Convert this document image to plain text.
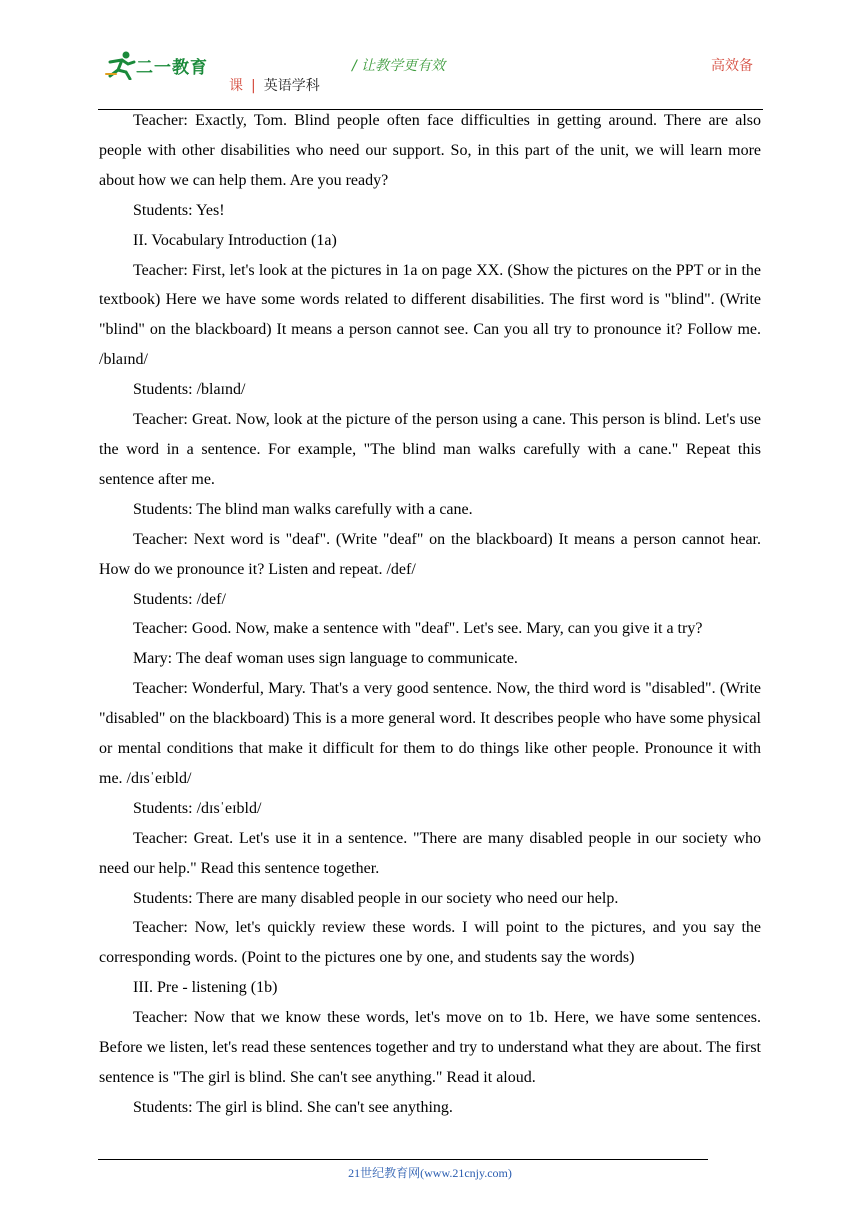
二一教育	/ 让教学更有效	高效备
课 | 英语学科

Teacher: Exactly, Tom. Blind people often face difficulties in getting around. There are also people with other disabilities who need our support. So, in this part of the unit, we will learn more about how we can help them. Are you ready?

Students: Yes!

II. Vocabulary Introduction (1a)

Teacher: First, let's look at the pictures in 1a on page XX. (Show the pictures on the PPT or in the textbook) Here we have some words related to different disabilities. The first word is "blind". (Write "blind" on the blackboard) It means a person cannot see. Can you all try to pronounce it? Follow me. /blaɪnd/

Students: /blaɪnd/

Teacher: Great. Now, look at the picture of the person using a cane. This person is blind. Let's use the word in a sentence. For example, "The blind man walks carefully with a cane." Repeat this sentence after me.

Students: The blind man walks carefully with a cane.

Teacher: Next word is "deaf". (Write "deaf" on the blackboard) It means a person cannot hear. How do we pronounce it? Listen and repeat. /def/

Students: /def/

Teacher: Good. Now, make a sentence with "deaf". Let's see. Mary, can you give it a try?

Mary: The deaf woman uses sign language to communicate.

Teacher: Wonderful, Mary. That's a very good sentence. Now, the third word is "disabled". (Write "disabled" on the blackboard) This is a more general word. It describes people who have some physical or mental conditions that make it difficult for them to do things like other people. Pronounce it with me. /dɪsˈeɪbld/

Students: /dɪsˈeɪbld/

Teacher: Great. Let's use it in a sentence. "There are many disabled people in our society who need our help." Read this sentence together.

Students: There are many disabled people in our society who need our help.

Teacher: Now, let's quickly review these words. I will point to the pictures, and you say the corresponding words. (Point to the pictures one by one, and students say the words)

III. Pre - listening (1b)

Teacher: Now that we know these words, let's move on to 1b. Here, we have some sentences. Before we listen, let's read these sentences together and try to understand what they are about. The first sentence is "The girl is blind. She can't see anything." Read it aloud.

Students: The girl is blind. She can't see anything.

21世纪教育网(www.21cnjy.com)
